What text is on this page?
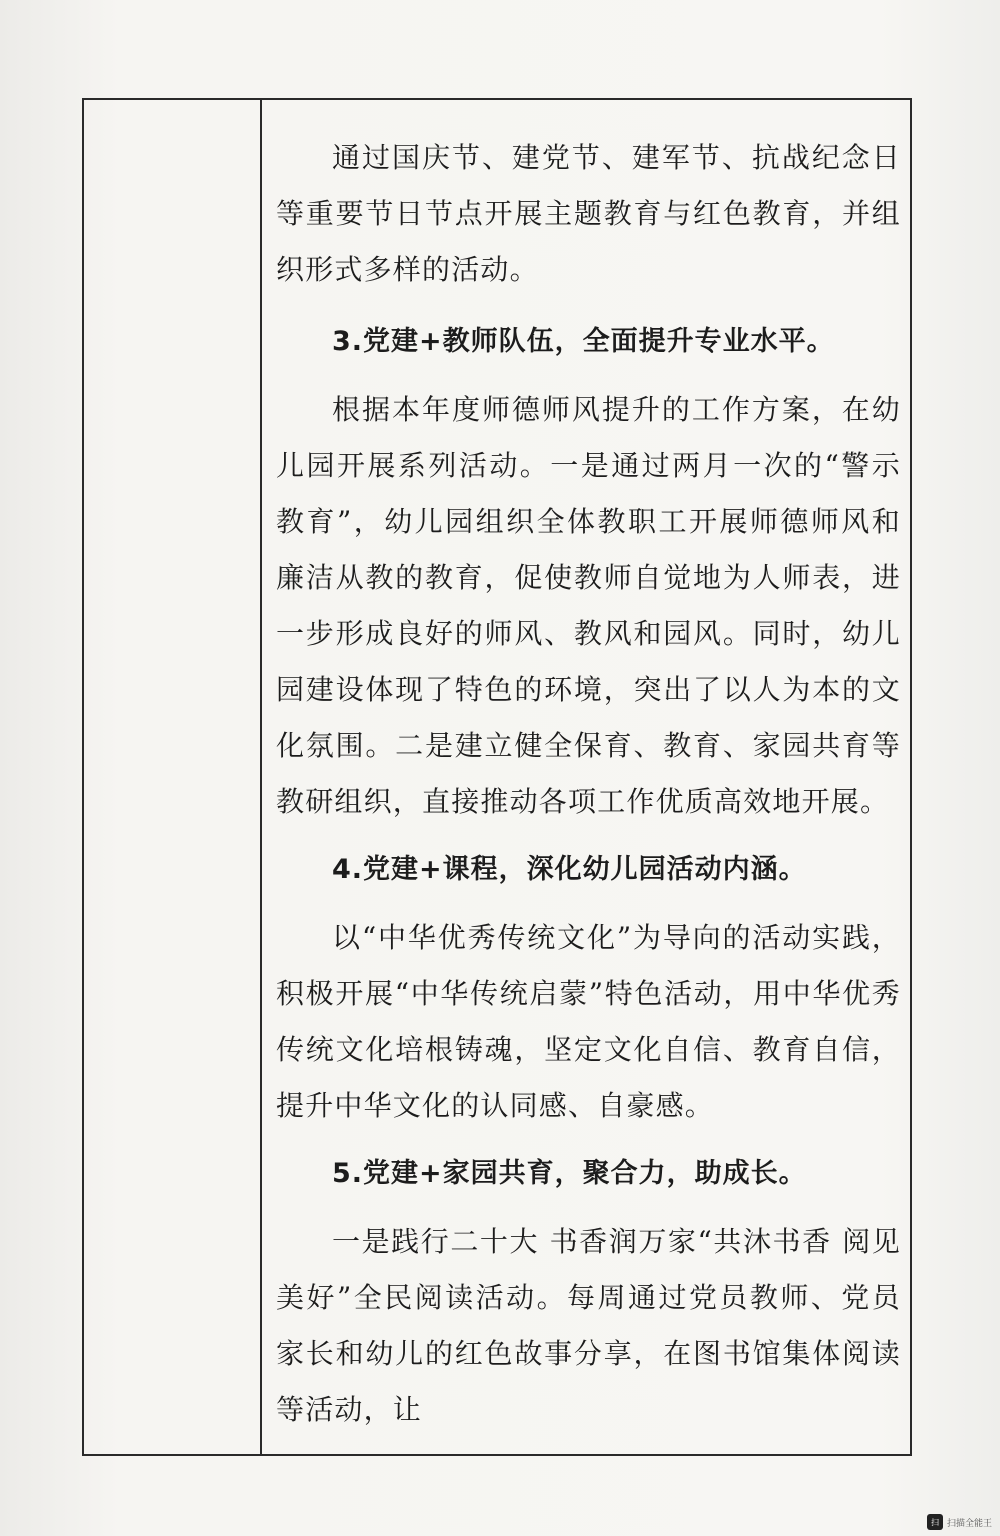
通过国庆节、建党节、建军节、抗战纪念日等重要节日节点开展主题教育与红色教育，并组织形式多样的活动。

3.党建+教师队伍，全面提升专业水平。

根据本年度师德师风提升的工作方案，在幼儿园开展系列活动。一是通过两月一次的“警示教育”，幼儿园组织全体教职工开展师德师风和廉洁从教的教育，促使教师自觉地为人师表，进一步形成良好的师风、教风和园风。同时，幼儿园建设体现了特色的环境，突出了以人为本的文化氛围。二是建立健全保育、教育、家园共育等教研组织，直接推动各项工作优质高效地开展。

4.党建+课程，深化幼儿园活动内涵。

以“中华优秀传统文化”为导向的活动实践，积极开展“中华传统启蒙”特色活动，用中华优秀传统文化培根铸魂，坚定文化自信、教育自信，提升中华文化的认同感、自豪感。

5.党建+家园共育，聚合力，助成长。

一是践行二十大 书香润万家“共沐书香 阅见美好”全民阅读活动。每周通过党员教师、党员家长和幼儿的红色故事分享，在图书馆集体阅读等活动，让

扫 扫描全能王
